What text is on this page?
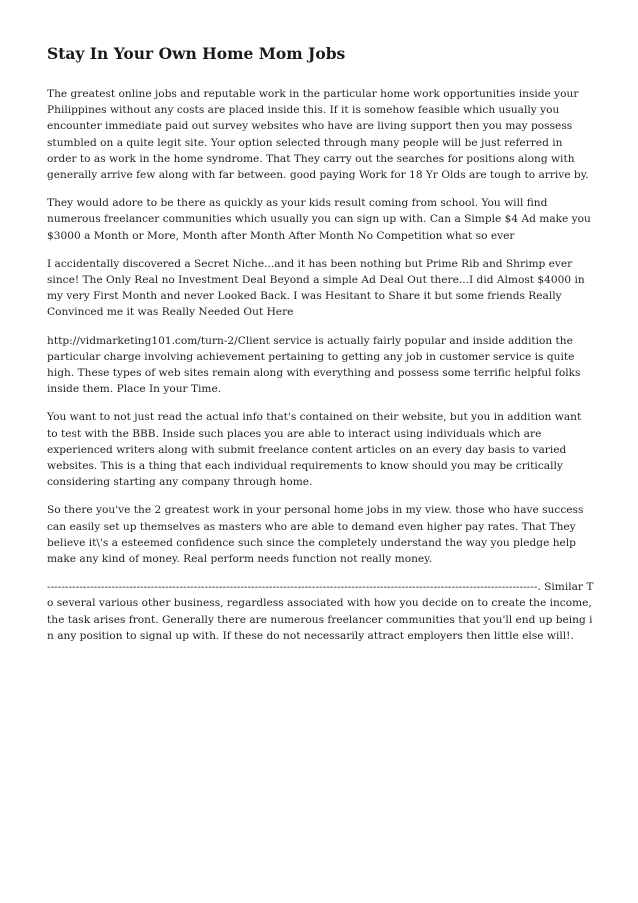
Stay In Your Own Home Mom Jobs

The greatest online jobs and reputable work in the particular home work opportunities inside your Philippines without any costs are placed inside this. If it is somehow feasible which usually you encounter immediate paid out survey websites who have are living support then you may possess stumbled on a quite legit site. Your option selected through many people will be just referred in order to as work in the home syndrome. That They carry out the searches for positions along with generally arrive few along with far between. good paying Work for 18 Yr Olds are tough to arrive by.

They would adore to be there as quickly as your kids result coming from school. You will find numerous freelancer communities which usually you can sign up with. Can a Simple $4 Ad make you $3000 a Month or More, Month after Month After Month No Competition what so ever

I accidentally discovered a Secret Niche...and it has been nothing but Prime Rib and Shrimp ever since! The Only Real no Investment Deal Beyond a simple Ad Deal Out there...I did Almost $4000 in my very First Month and never Looked Back. I was Hesitant to Share it but some friends Really Convinced me it was Really Needed Out Here

http://vidmarketing101.com/turn-2/Client service is actually fairly popular and inside addition the particular charge involving achievement pertaining to getting any job in customer service is quite high. These types of web sites remain along with everything and possess some terrific helpful folks inside them. Place In your Time.

You want to not just read the actual info that's contained on their website, but you in addition want to test with the BBB. Inside such places you are able to interact using individuals which are experienced writers along with submit freelance content articles on an every day basis to varied websites. This is a thing that each individual requirements to know should you may be critically considering starting any company through home.

So there you've the 2 greatest work in your personal home jobs in my view. those who have success can easily set up themselves as masters who are able to demand even higher pay rates. That They believe it\'s a esteemed confidence such since the completely understand the way you pledge help make any kind of money. Real perform needs function not really money.

-----------------------------------------------------------------------------------------------------------------------------------------. Similar To several various other business, regardless associated with how you decide on to create the income, the task arises front. Generally there are numerous freelancer communities that you'll end up being in any position to signal up with. If these do not necessarily attract employers then little else will!.
